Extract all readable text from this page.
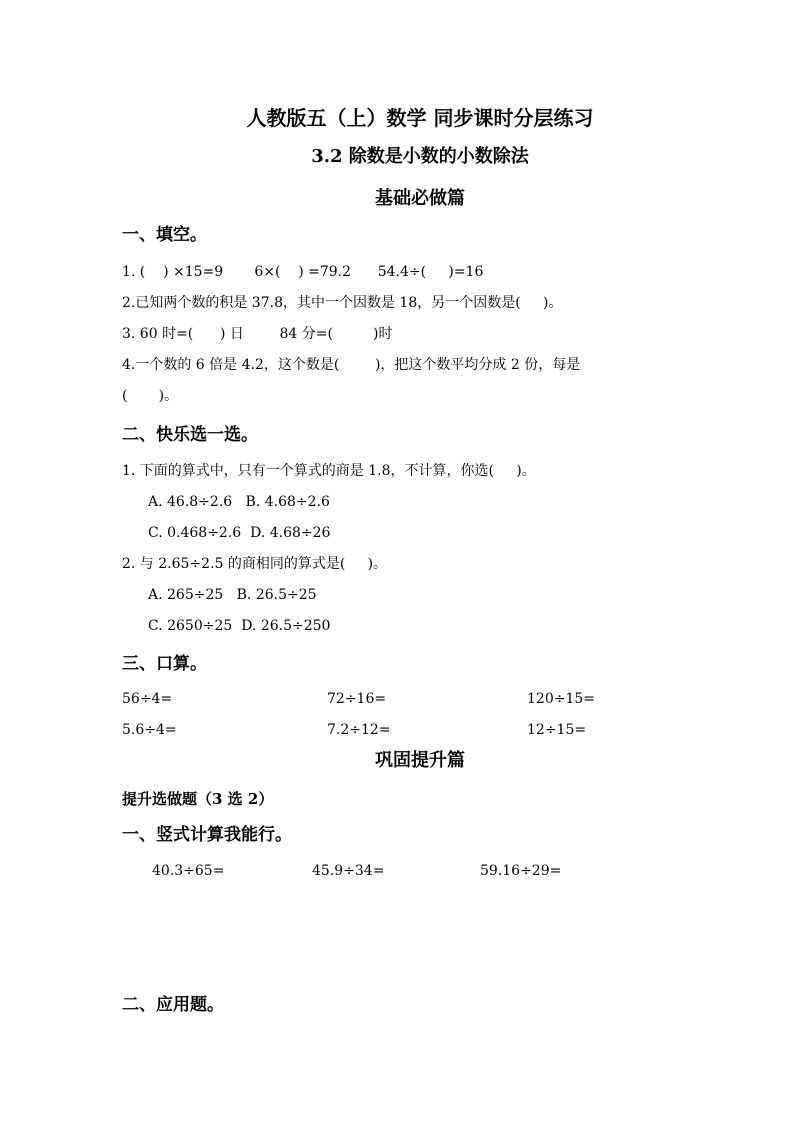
人教版五（上）数学 同步课时分层练习
3.2 除数是小数的小数除法
基础必做篇
一、填空。
1. (    ) ×15=9       6×(    ) =79.2      54.4÷(     )=16
2.已知两个数的积是 37.8，其中一个因数是 18，另一个因数是(     )。
3. 60 时=(      ) 日        84 分=(         )时
4.一个数的 6 倍是 4.2，这个数是(        )，把这个数平均分成 2 份，每是
(       )。
二、快乐选一选。
1. 下面的算式中，只有一个算式的商是 1.8，不计算，你选(     )。
A. 46.8÷2.6   B. 4.68÷2.6
C. 0.468÷2.6  D. 4.68÷26
2. 与 2.65÷2.5 的商相同的算式是(     )。
A. 265÷25   B. 26.5÷25
C. 2650÷25  D. 26.5÷250
三、口算。
56÷4=	72÷16=	120÷15=
5.6÷4=	7.2÷12=	12÷15=
巩固提升篇
提升选做题（3 选 2）
一、竖式计算我能行。
40.3÷65=	45.9÷34=	59.16÷29=
二、应用题。
